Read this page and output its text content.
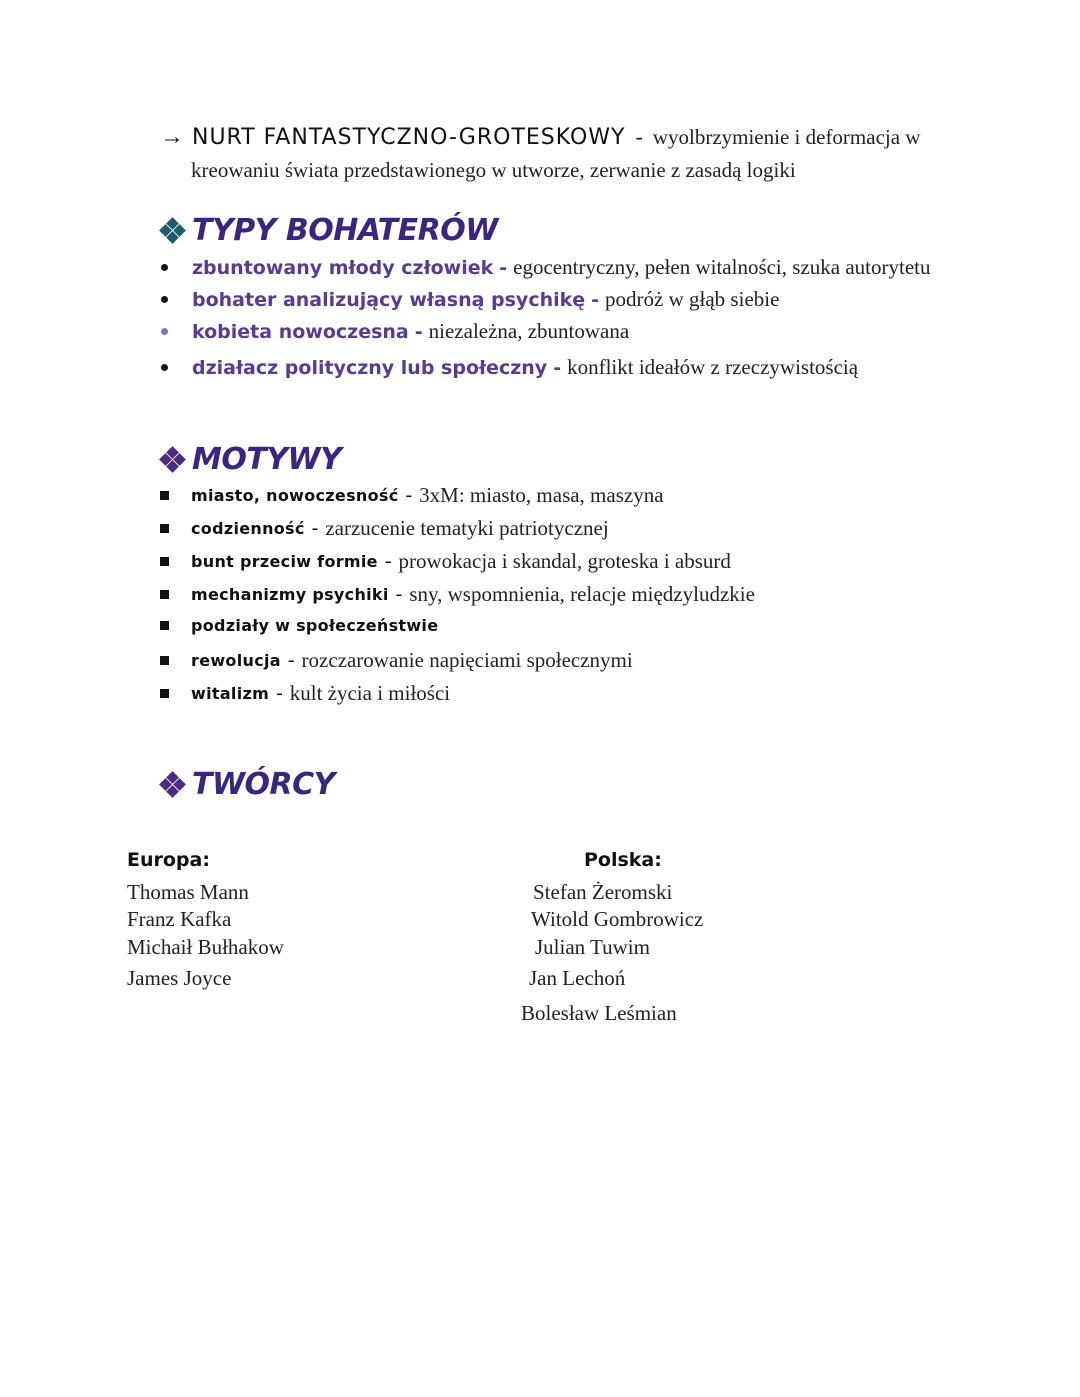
→ NURT FANTASTYCZNO-GROTESKOWY - wyolbrzymienie i deformacja w
kreowaniu świata przedstawionego w utworze, zerwanie z zasadą logiki
TYPY BOHATERÓW
zbuntowany młody człowiek - egocentryczny, pełen witalności, szuka autorytetu
bohater analizujący własną psychikę - podróż w głąb siebie
kobieta nowoczesna - niezależna, zbuntowana
działacz polityczny lub społeczny - konflikt ideałów z rzeczywistością
MOTYWY
miasto, nowoczesność - 3xM: miasto, masa, maszyna
codzienność - zarzucenie tematyki patriotycznej
bunt przeciw formie - prowokacja i skandal, groteska i absurd
mechanizmy psychiki - sny, wspomnienia, relacje międzyludzkie
podziały w społeczeństwie
rewolucja - rozczarowanie napięciami społecznymi
witalizm - kult życia i miłości
TWÓRCY
Europa:
Thomas Mann
Franz Kafka
Michaił Bułhakow
James Joyce
Polska:
Stefan Żeromski
Witold Gombrowicz
Julian Tuwim
Jan Lechoń
Bolesław Leśmian
